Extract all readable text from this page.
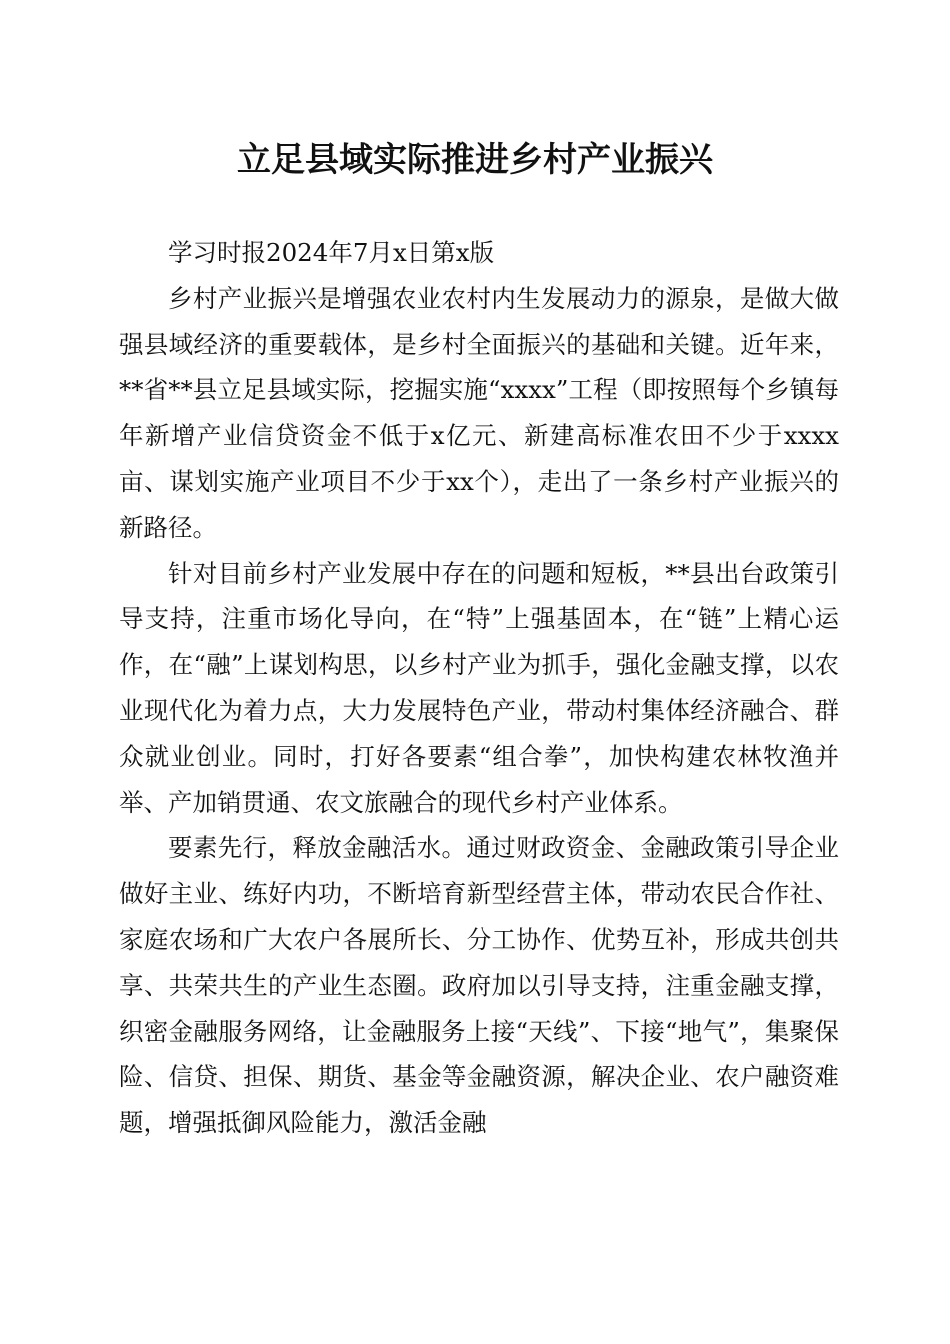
立足县域实际推进乡村产业振兴

学习时报2024年7月x日第x版

乡村产业振兴是增强农业农村内生发展动力的源泉，是做大做强县域经济的重要载体，是乡村全面振兴的基础和关键。近年来，**省**县立足县域实际，挖掘实施“xxxx”工程（即按照每个乡镇每年新增产业信贷资金不低于x亿元、新建高标准农田不少于xxxx亩、谋划实施产业项目不少于xx个），走出了一条乡村产业振兴的新路径。

针对目前乡村产业发展中存在的问题和短板，**县出台政策引导支持，注重市场化导向，在“特”上强基固本，在“链”上精心运作，在“融”上谋划构思，以乡村产业为抓手，强化金融支撑，以农业现代化为着力点，大力发展特色产业，带动村集体经济融合、群众就业创业。同时，打好各要素“组合拳”，加快构建农林牧渔并举、产加销贯通、农文旅融合的现代乡村产业体系。

要素先行，释放金融活水。通过财政资金、金融政策引导企业做好主业、练好内功，不断培育新型经营主体，带动农民合作社、家庭农场和广大农户各展所长、分工协作、优势互补，形成共创共享、共荣共生的产业生态圈。政府加以引导支持，注重金融支撑，织密金融服务网络，让金融服务上接“天线”、下接“地气”，集聚保险、信贷、担保、期货、基金等金融资源，解决企业、农户融资难题，增强抵御风险能力，激活金融
